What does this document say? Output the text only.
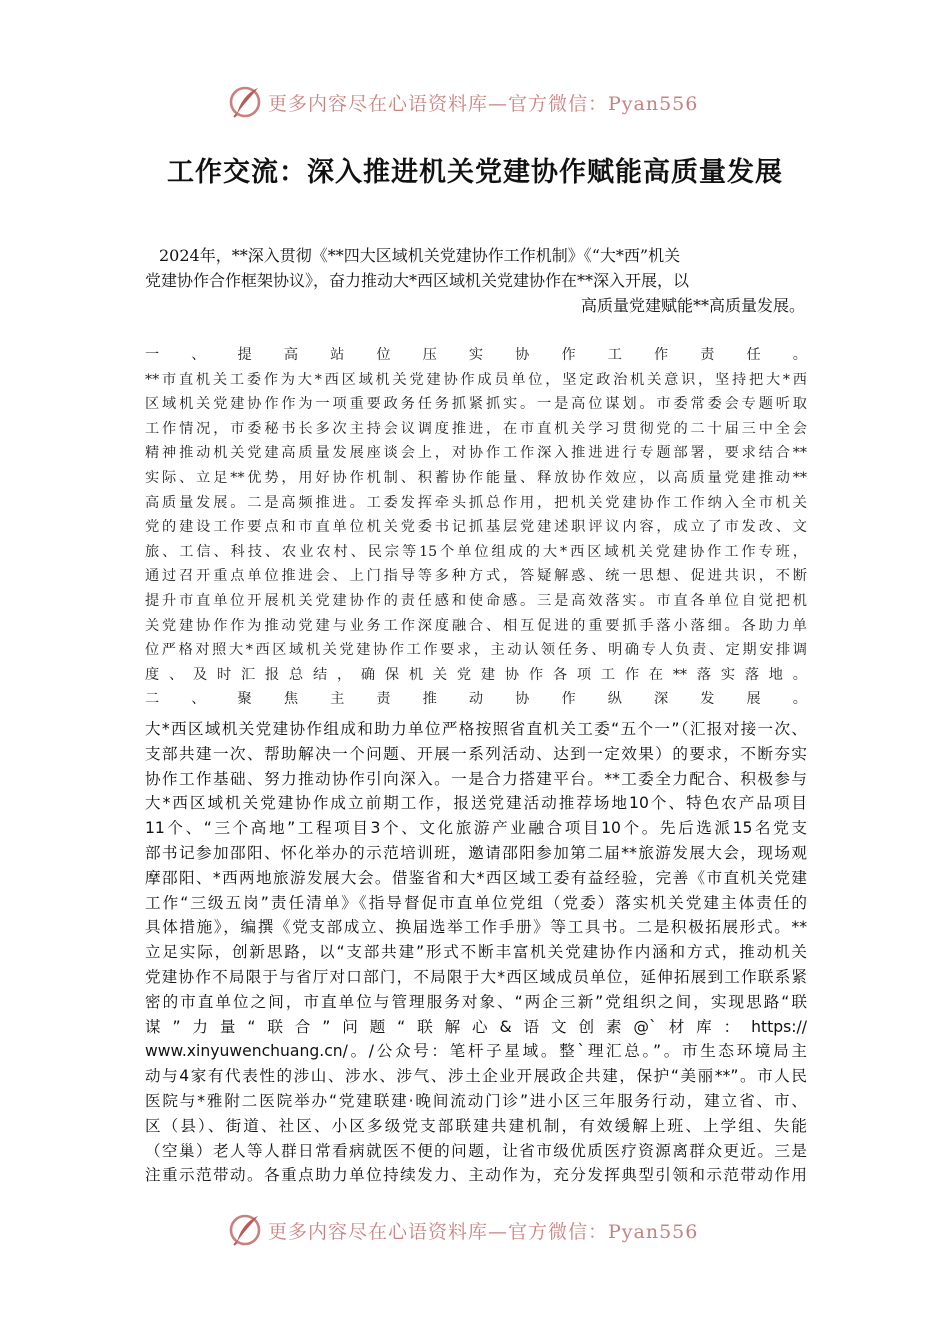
更多内容尽在心语资料库—官方微信：Pyan556
工作交流：深入推进机关党建协作赋能高质量发展

2024年，**深入贯彻《**四大区域机关党建协作工作机制》《“大*西”机关

党建协作合作框架协议》，奋力推动大*西区域机关党建协作在**深入开展，以

高质量党建赋能**高质量发展。

一、提高站位压实协作工作责任。

**市直机关工委作为大*西区域机关党建协作成员单位，坚定政治机关意识，坚持把大*西

区域机关党建协作作为一项重要政务任务抓紧抓实。一是高位谋划。市委常委会专题听取

工作情况，市委秘书长多次主持会议调度推进，在市直机关学习贯彻党的二十届三中全会

精神推动机关党建高质量发展座谈会上，对协作工作深入推进进行专题部署，要求结合**

实际、立足**优势，用好协作机制、积蓄协作能量、释放协作效应，以高质量党建推动**

高质量发展。二是高频推进。工委发挥牵头抓总作用，把机关党建协作工作纳入全市机关

党的建设工作要点和市直单位机关党委书记抓基层党建述职评议内容，成立了市发改、文

旅、工信、科技、农业农村、民宗等15个单位组成的大*西区域机关党建协作工作专班，

通过召开重点单位推进会、上门指导等多种方式，答疑解惑、统一思想、促进共识，不断

提升市直单位开展机关党建协作的责任感和使命感。三是高效落实。市直各单位自觉把机

关党建协作作为推动党建与业务工作深度融合、相互促进的重要抓手落小落细。各助力单

位严格对照大*西区域机关党建协作工作要求，主动认领任务、明确专人负责、定期安排调

度、及时汇报总结，确保机关党建协作各项工作在**落实落地。

二、聚焦主责推动协作纵深发展。

大*西区域机关党建协作组成和助力单位严格按照省直机关工委“五个一”（汇报对接一次、

支部共建一次、帮助解决一个问题、开展一系列活动、达到一定效果）的要求，不断夯实

协作工作基础、努力推动协作引向深入。一是合力搭建平台。**工委全力配合、积极参与

大*西区域机关党建协作成立前期工作，报送党建活动推荐场地10个、特色农产品项目

11个、“三个高地”工程项目3个、文化旅游产业融合项目10个。先后选派15名党支

部书记参加邵阳、怀化举办的示范培训班，邀请邵阳参加第二届**旅游发展大会，现场观

摩邵阳、*西两地旅游发展大会。借鉴省和大*西区域工委有益经验，完善《市直机关党建

工作“三级五岗”责任清单》《指导督促市直单位党组（党委）落实机关党建主体责任的

具体措施》，编撰《党支部成立、换届选举工作手册》等工具书。二是积极拓展形式。**

立足实际，创新思路，以“支部共建”形式不断丰富机关党建协作内涵和方式，推动机关

党建协作不局限于与省厅对口部门，不局限于大*西区域成员单位，延伸拓展到工作联系紧

密的市直单位之间，市直单位与管理服务对象、“两企三新”党组织之间，实现思路“联

谋”力量“联合”问题“联解心&语文创素@`材库：https://

www.xinyuwenchuang.cn/。/公众号：笔杆子星域。整`理汇总。”。市生态环境局主

动与4家有代表性的涉山、涉水、涉气、涉土企业开展政企共建，保护“美丽**”。市人民

医院与*雅附二医院举办“党建联建·晚间流动门诊”进小区三年服务行动，建立省、市、

区（县）、街道、社区、小区多级党支部联建共建机制，有效缓解上班、上学组、失能

（空巢）老人等人群日常看病就医不便的问题，让省市级优质医疗资源离群众更近。三是

注重示范带动。各重点助力单位持续发力、主动作为，充分发挥典型引领和示范带动作用

更多内容尽在心语资料库—官方微信：Pyan556
